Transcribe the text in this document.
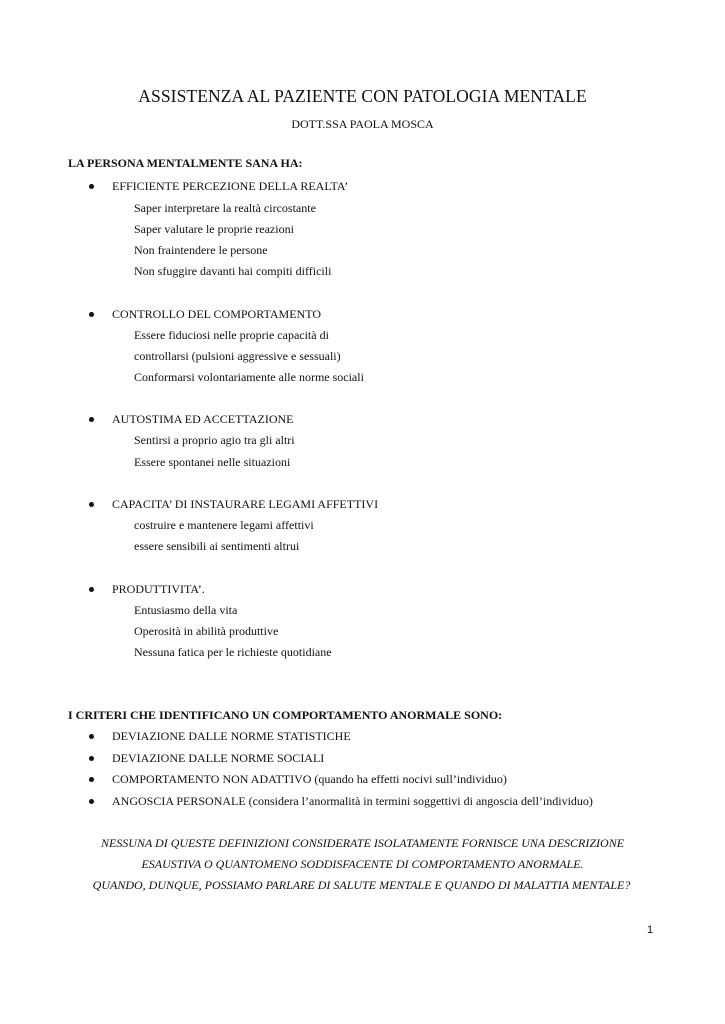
ASSISTENZA AL PAZIENTE CON PATOLOGIA MENTALE
DOTT.SSA PAOLA MOSCA
LA PERSONA MENTALMENTE SANA HA:
EFFICIENTE PERCEZIONE DELLA REALTA’
Saper interpretare la realtà circostante
Saper valutare le proprie reazioni
Non fraintendere le persone
Non sfuggire davanti hai compiti difficili
CONTROLLO DEL COMPORTAMENTO
Essere fiduciosi nelle proprie capacità di
controllarsi (pulsioni aggressive e sessuali)
Conformarsi volontariamente alle norme sociali
AUTOSTIMA ED ACCETTAZIONE
Sentirsi a proprio agio tra gli altri
Essere spontanei nelle situazioni
CAPACITA’ DI INSTAURARE LEGAMI AFFETTIVI
costruire e mantenere legami affettivi
essere sensibili ai sentimenti altrui
PRODUTTIVITA’.
Entusiasmo della vita
Operosità in abilità produttive
Nessuna fatica per le richieste quotidiane
I CRITERI CHE IDENTIFICANO UN COMPORTAMENTO ANORMALE SONO:
DEVIAZIONE DALLE NORME STATISTICHE
DEVIAZIONE DALLE NORME SOCIALI
COMPORTAMENTO NON ADATTIVO (quando ha effetti nocivi sull’individuo)
ANGOSCIA PERSONALE (considera l’anormalità in termini soggettivi di angoscia dell’individuo)
NESSUNA DI QUESTE DEFINIZIONI CONSIDERATE ISOLATAMENTE FORNISCE UNA DESCRIZIONE
ESAUSTIVA O QUANTOMENO SODDISFACENTE DI COMPORTAMENTO ANORMALE.
QUANDO, DUNQUE, POSSIAMO PARLARE DI SALUTE MENTALE E QUANDO DI MALATTIA MENTALE?
1
